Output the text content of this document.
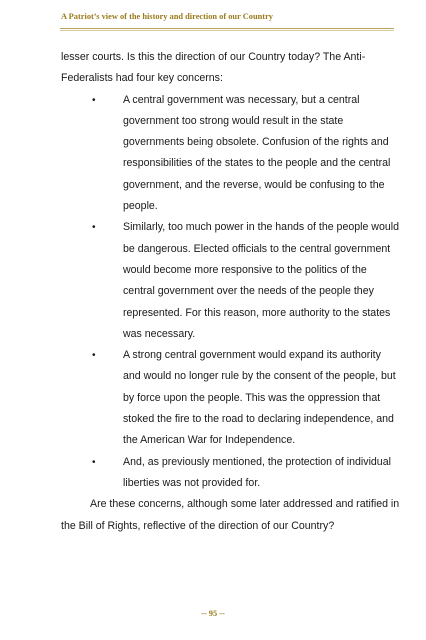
A Patriot’s view of the history and direction of our Country

lesser courts. Is this the direction of our Country today? The Anti-Federalists had four key concerns:

•	A central government was necessary, but a central government too strong would result in the state governments being obsolete. Confusion of the rights and responsibilities of the states to the people and the central government, and the reverse, would be confusing to the people.
•	Similarly, too much power in the hands of the people would be dangerous. Elected officials to the central government would become more responsive to the politics of the central government over the needs of the people they represented. For this reason, more authority to the states was necessary.
•	A strong central government would expand its authority and would no longer rule by the consent of the people, but by force upon the people. This was the oppression that stoked the fire to the road to declaring independence, and the American War for Independence.
•	And, as previously mentioned, the protection of individual liberties was not provided for.

Are these concerns, although some later addressed and ratified in the Bill of Rights, reflective of the direction of our Country?

-- 95 --
